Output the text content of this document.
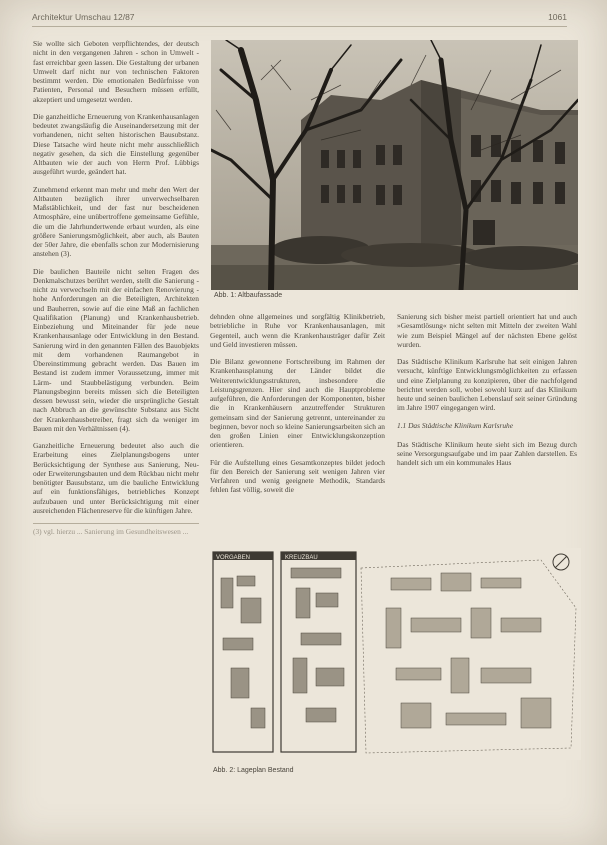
Architektur Umschau 12/87	1061
Abb. 1: Altbaufassade

Sie wollte sich Geboten verpflichtendes, der deutsch nicht in den vergangenen Jahren - schon in Umwelt - fast erreichbar geen lassen. Die Gestaltung der urbanen Umwelt darf nicht nur von technischen Faktoren bestimmt werden. Die emotionalen Bedürfnisse von Patienten, Personal und Besuchern müssen erfüllt, akzeptiert und umgesetzt werden.

Die ganzheitliche Erneuerung von Krankenhausanlagen bedeutet zwangsläufig die Auseinandersetzung mit der vorhandenen, nicht selten historischen Bausubstanz. Diese Tatsache wird heute nicht mehr ausschließlich negativ gesehen, da sich die Einstellung gegenüber Altbauten wie der auch von Herrn Prof. Lübbigs ausgeführt wurde, geändert hat.

Zunehmend erkennt man mehr und mehr den Wert der Altbauten bezüglich ihrer unverwechselbaren Maßstäblichkeit, und der fast nur bescheidenen Atmosphäre, eine unübertroffene gemeinsame Gefühle, die um die Jahrhundertwende erbaut wurden, als eine größere Sanierungsmöglichkeit, aber auch, als Bauten der 50er Jahre, die ebenfalls schon zur Modernisierung anstehen (3).

Die baulichen Bauteile nicht selten Fragen des Denkmalschutzes berührt werden, stellt die Sanierung - nicht zu verwechseln mit der einfachen Renovierung - hohe Anforderungen an die Beteiligten, Architekten und Bauherren, sowie auf die eine Maß an fachlichen Qualifikation (Planung) und Krankenhausbetrieb. Einbeziehung und Miteinander für jede neue Krankenhausanlage oder Entwicklung in den Bestand. Sanierung wird in den genannten Fällen des Bauobjekts mit dem vorhandenen Raumangebot in Übereinstimmung gebracht werden. Das Bauen im Bestand ist zudem immer Voraussetzung, immer mit Lärm- und Staubbelästigung verbunden. Beim Planungsbeginn bereits müssen sich die Beteiligten dessen bewusst sein, wieder die ursprüngliche Gestalt nach Abbruch an die gewünschte Substanz aus Sicht der Krankenhausbetreiber, fragt sich da weniger im Bauen mit den Verhältnissen (4).

Ganzheitliche Erneuerung bedeutet also auch die Erarbeitung eines Zielplanungsbogens unter Berücksichtigung der Synthese aus Sanierung, Neu- oder Erweiterungsbauten und dem Rückbau nicht mehr benötigter Bausubstanz, um die bauliche Entwicklung auf ein funktionsfähiges, betriebliches Konzept aufzubauen und unter Berücksichtigung mit einer ausreichenden Flächenreserve für die künftigen Jahre.

(3) vgl. hierzu ... Sanierung im Gesundheitswesen ...

dehnden ohne allgemeines und sorgfältig Klinikbetrieb, betriebliche in Ruhe vor Krankenhausanlagen, mit Gegenteil, auch wenn die Krankenhausträger dafür Zeit und Geld investieren müssen.

Die Bilanz gewonnene Fortschreibung im Rahmen der Krankenhausplanung der Länder bildet die Weiterentwicklungsstrukturen, insbesondere die Leistungsgrenzen. Hier sind auch die Hauptprobleme aufgeführen, die Anforderungen der Komponenten, bisher die in Krankenhäusern anzutreffender Strukturen gemeinsam sind der Sanierung getrennt, untereinander zu beginnen, bevor noch so kleine Sanierungsarbeiten sich an den großen Linien einer Entwicklungskonzeption orientieren.

Für die Aufstellung eines Gesamtkonzeptes bildet jedoch für den Bereich der Sanierung seit wenigen Jahren vier Verfahren und wenig geeignete Methodik, Standards fehlen fast völlig, soweit die

Sanierung sich bisher meist partiell orientiert hat und auch »Gesamtlösung« nicht selten mit Mitteln der zweiten Wahl wie zum Beispiel Mängel auf der nächsten Ebene gelöst wurden.

Das Städtische Klinikum Karlsruhe hat seit einigen Jahren versucht, künftige Entwicklungsmöglichkeiten zu erfassen und eine Zielplanung zu konzipieren, über die nachfolgend berichtet werden soll, wobei sowohl kurz auf das Klinikum heute und seinen baulichen Lebenslauf seit seiner Gründung im Jahre 1907 eingegangen wird.

1.1 Das Städtische Klinikum Karlsruhe

Das Städtische Klinikum heute sieht sich im Bezug durch seine Versorgungsaufgabe und im paar Zahlen darstellen. Es handelt sich um ein kommunales Haus

VORGABEN	KREUZBAU
Abb. 2: Lageplan Bestand
